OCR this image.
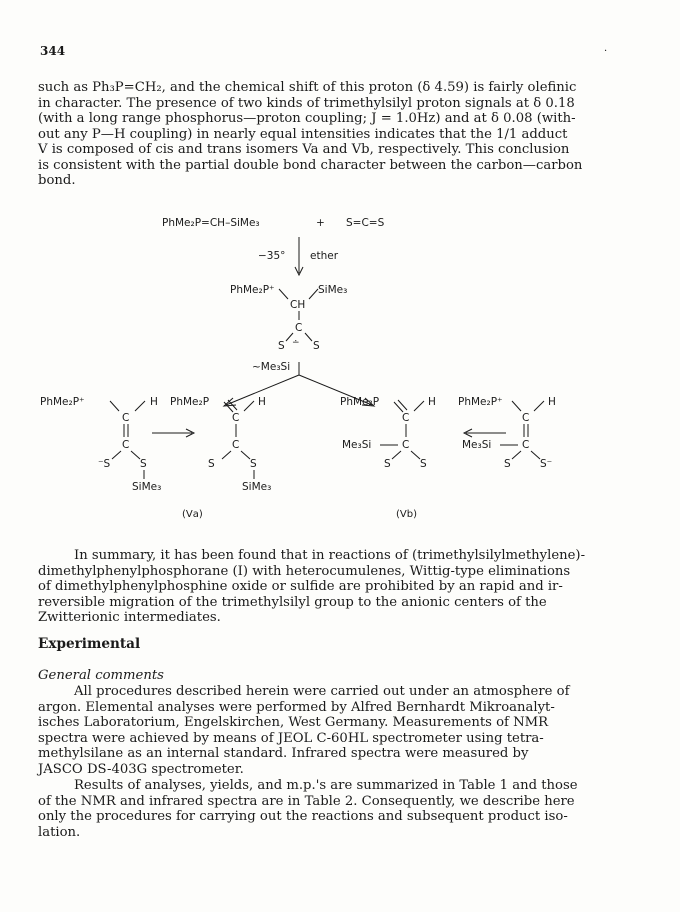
344	·
such as Ph₃P=CH₂, and the chemical shift of this proton (δ 4.59) is fairly olefinic
in character. The presence of two kinds of trimethylsilyl proton signals at δ 0.18
(with a long range phosphorus—proton coupling; J = 1.0Hz) and at δ 0.08 (with-
out any P—H coupling) in nearly equal intensities indicates that the 1/1 adduct
V is composed of cis and trans isomers Va and Vb, respectively. This conclusion
is consistent with the partial double bond character between the carbon—carbon
bond.
PhMe₂P=CH–SiMe₃	+ S=C=S
−35° ether
PhMe₂P⁺	SiMe₃
CH
C
S	S
∸
~Me₃Si
PhMe₂P⁺	H
C
C
⁻S	S
SiMe₃
PhMe₂P	H
C
C
S	S
SiMe₃
PhMe₂P	H
C
Me₃Si	C
S	S
PhMe₂P⁺	H
C
Me₃Si	C
S	S⁻
(Ⅴa)	(Ⅴb)
In summary, it has been found that in reactions of (trimethylsilylmethylene)-
dimethylphenylphosphorane (I) with heterocumulenes, Wittig-type eliminations
of dimethylphenylphosphine oxide or sulfide are prohibited by an rapid and ir-
reversible migration of the trimethylsilyl group to the anionic centers of the
Zwitterionic intermediates.
Experimental
General comments
All procedures described herein were carried out under an atmosphere of
argon. Elemental analyses were performed by Alfred Bernhardt Mikroanalyt-
isches Laboratorium, Engelskirchen, West Germany. Measurements of NMR
spectra were achieved by means of JEOL C-60HL spectrometer using tetra-
methylsilane as an internal standard. Infrared spectra were measured by
JASCO DS-403G spectrometer.
Results of analyses, yields, and m.p.'s are summarized in Table 1 and those
of the NMR and infrared spectra are in Table 2. Consequently, we describe here
only the procedures for carrying out the reactions and subsequent product iso-
lation.
